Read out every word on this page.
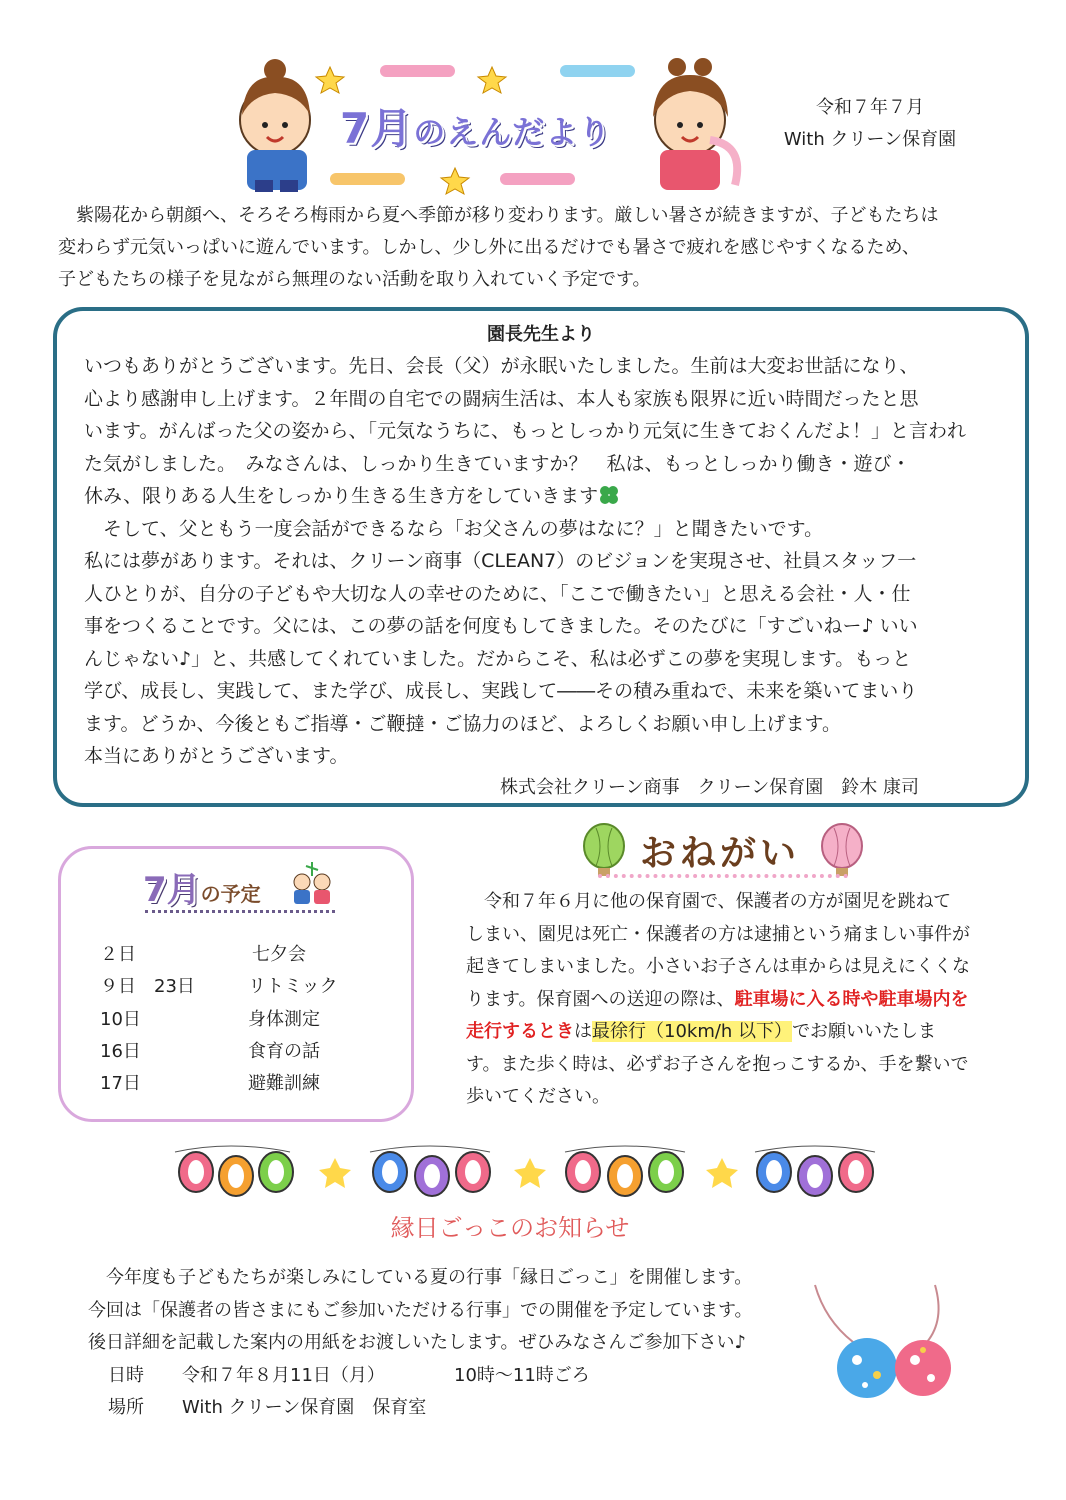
7月のえんだより
令和７年７月
With クリーン保育園

　紫陽花から朝顔へ、そろそろ梅雨から夏へ季節が移り変わります。厳しい暑さが続きますが、子どもたちは

変わらず元気いっぱいに遊んでいます。しかし、少し外に出るだけでも暑さで疲れを感じやすくなるため、

子どもたちの様子を見ながら無理のない活動を取り入れていく予定です。

園長先生より

いつもありがとうございます。先日、会長（父）が永眠いたしました。生前は大変お世話になり、

心より感謝申し上げます。２年間の自宅での闘病生活は、本人も家族も限界に近い時間だったと思

います。がんばった父の姿から、「元気なうちに、もっとしっかり元気に生きておくんだよ！」と言われ

た気がしました。　みなさんは、しっかり生きていますか？　私は、もっとしっかり働き・遊び・

休み、限りある人生をしっかり生きる生き方をしていきます

　そして、父ともう一度会話ができるなら「お父さんの夢はなに？」と聞きたいです。

私には夢があります。それは、クリーン商事（CLEAN7）のビジョンを実現させ、社員スタッフ一

人ひとりが、自分の子どもや大切な人の幸せのために、「ここで働きたい」と思える会社・人・仕

事をつくることです。父には、この夢の話を何度もしてきました。そのたびに「すごいねー♪ いい

んじゃない♪」と、共感してくれていました。だからこそ、私は必ずこの夢を実現します。もっと

学び、成長し、実践して、また学び、成長し、実践して――その積み重ねで、未来を築いてまいり

ます。どうか、今後ともご指導・ご鞭撻・ご協力のほど、よろしくお願い申し上げます。

本当にありがとうございます。

株式会社クリーン商事　クリーン保育園　鈴木 康司
7月の予定
２日	七夕会
９日　23日	リトミック
10日	身体測定
16日	食育の話
17日	避難訓練
おねがい

　令和７年６月に他の保育園で、保護者の方が園児を跳ねて

しまい、園児は死亡・保護者の方は逮捕という痛ましい事件が

起きてしまいました。小さいお子さんは車からは見えにくくな

ります。保育園への送迎の際は、駐車場に入る時や駐車場内を

走行するときは最徐行（10km/h 以下）でお願いいたしま

す。また歩く時は、必ずお子さんを抱っこするか、手を繋いで

歩いてください。

縁日ごっこのお知らせ

　今年度も子どもたちが楽しみにしている夏の行事「縁日ごっこ」を開催します。

今回は「保護者の皆さまにもご参加いただける行事」での開催を予定しています。

後日詳細を記載した案内の用紙をお渡しいたします。ぜひみなさんご参加下さい♪

日時 令和７年８月11日（月）	10時～11時ごろ

場所 With クリーン保育園　保育室
